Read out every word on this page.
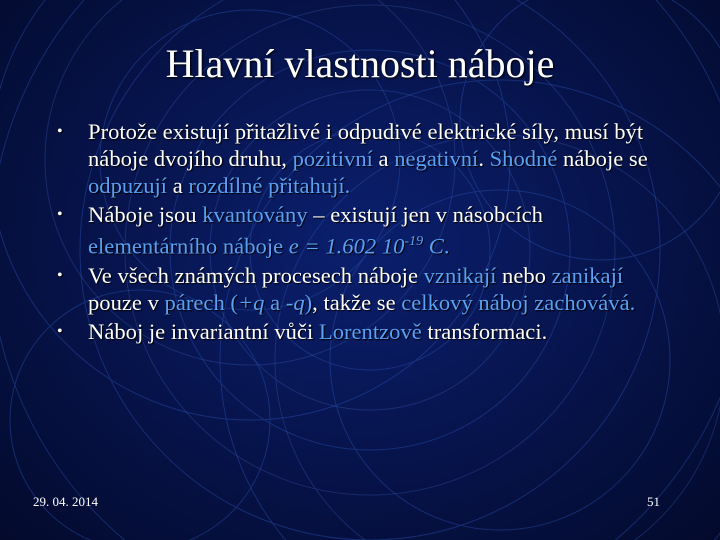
Hlavní vlastnosti náboje
• Protože existují přitažlivé i odpudivé elektrické síly, musí být náboje dvojího druhu, pozitivní a negativní. Shodné náboje se odpuzují a rozdílné přitahují.
• Náboje jsou kvantovány – existují jen v násobcích elementárního náboje e = 1.602 $10^{-19}$ C.
• Ve všech známých procesech náboje vznikají nebo zanikají pouze v párech (+q a -q), takže se celkový náboj zachovává.
• Náboj je invariantní vůči Lorentzově transformaci.
29. 04. 2014	51
